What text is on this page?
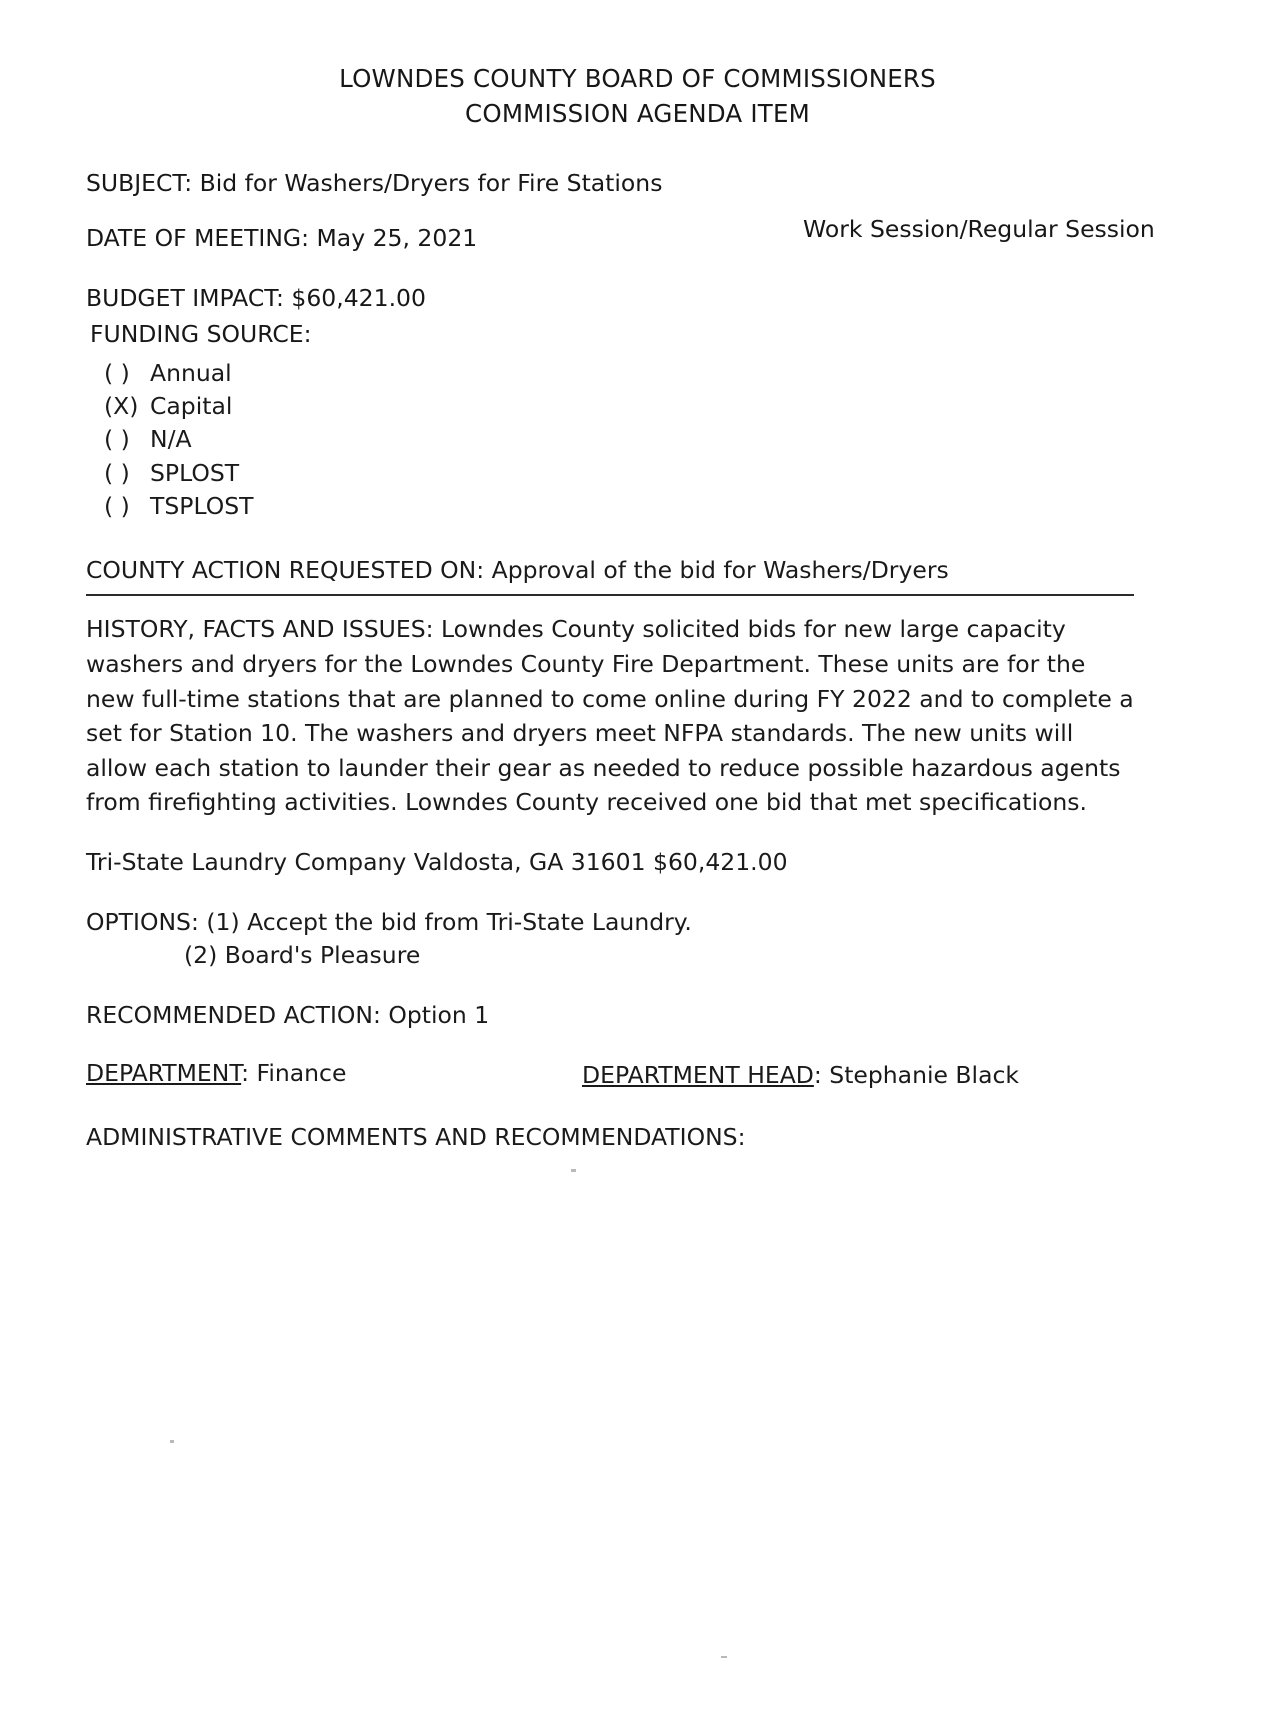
LOWNDES COUNTY BOARD OF COMMISSIONERS
COMMISSION AGENDA ITEM
SUBJECT: Bid for Washers/Dryers for Fire Stations
DATE OF MEETING: May 25, 2021	Work Session/Regular Session
BUDGET IMPACT: $60,421.00
FUNDING SOURCE:
( ) Annual
(X) Capital
( ) N/A
( ) SPLOST
( ) TSPLOST
COUNTY ACTION REQUESTED ON: Approval of the bid for Washers/Dryers
HISTORY, FACTS AND ISSUES: Lowndes County solicited bids for new large capacity washers and dryers for the Lowndes County Fire Department. These units are for the new full-time stations that are planned to come online during FY 2022 and to complete a set for Station 10. The washers and dryers meet NFPA standards. The new units will allow each station to launder their gear as needed to reduce possible hazardous agents from firefighting activities. Lowndes County received one bid that met specifications.
Tri-State Laundry Company Valdosta, GA 31601 $60,421.00
OPTIONS: (1) Accept the bid from Tri-State Laundry.
(2) Board's Pleasure
RECOMMENDED ACTION: Option 1
DEPARTMENT: Finance	DEPARTMENT HEAD: Stephanie Black
ADMINISTRATIVE COMMENTS AND RECOMMENDATIONS:
